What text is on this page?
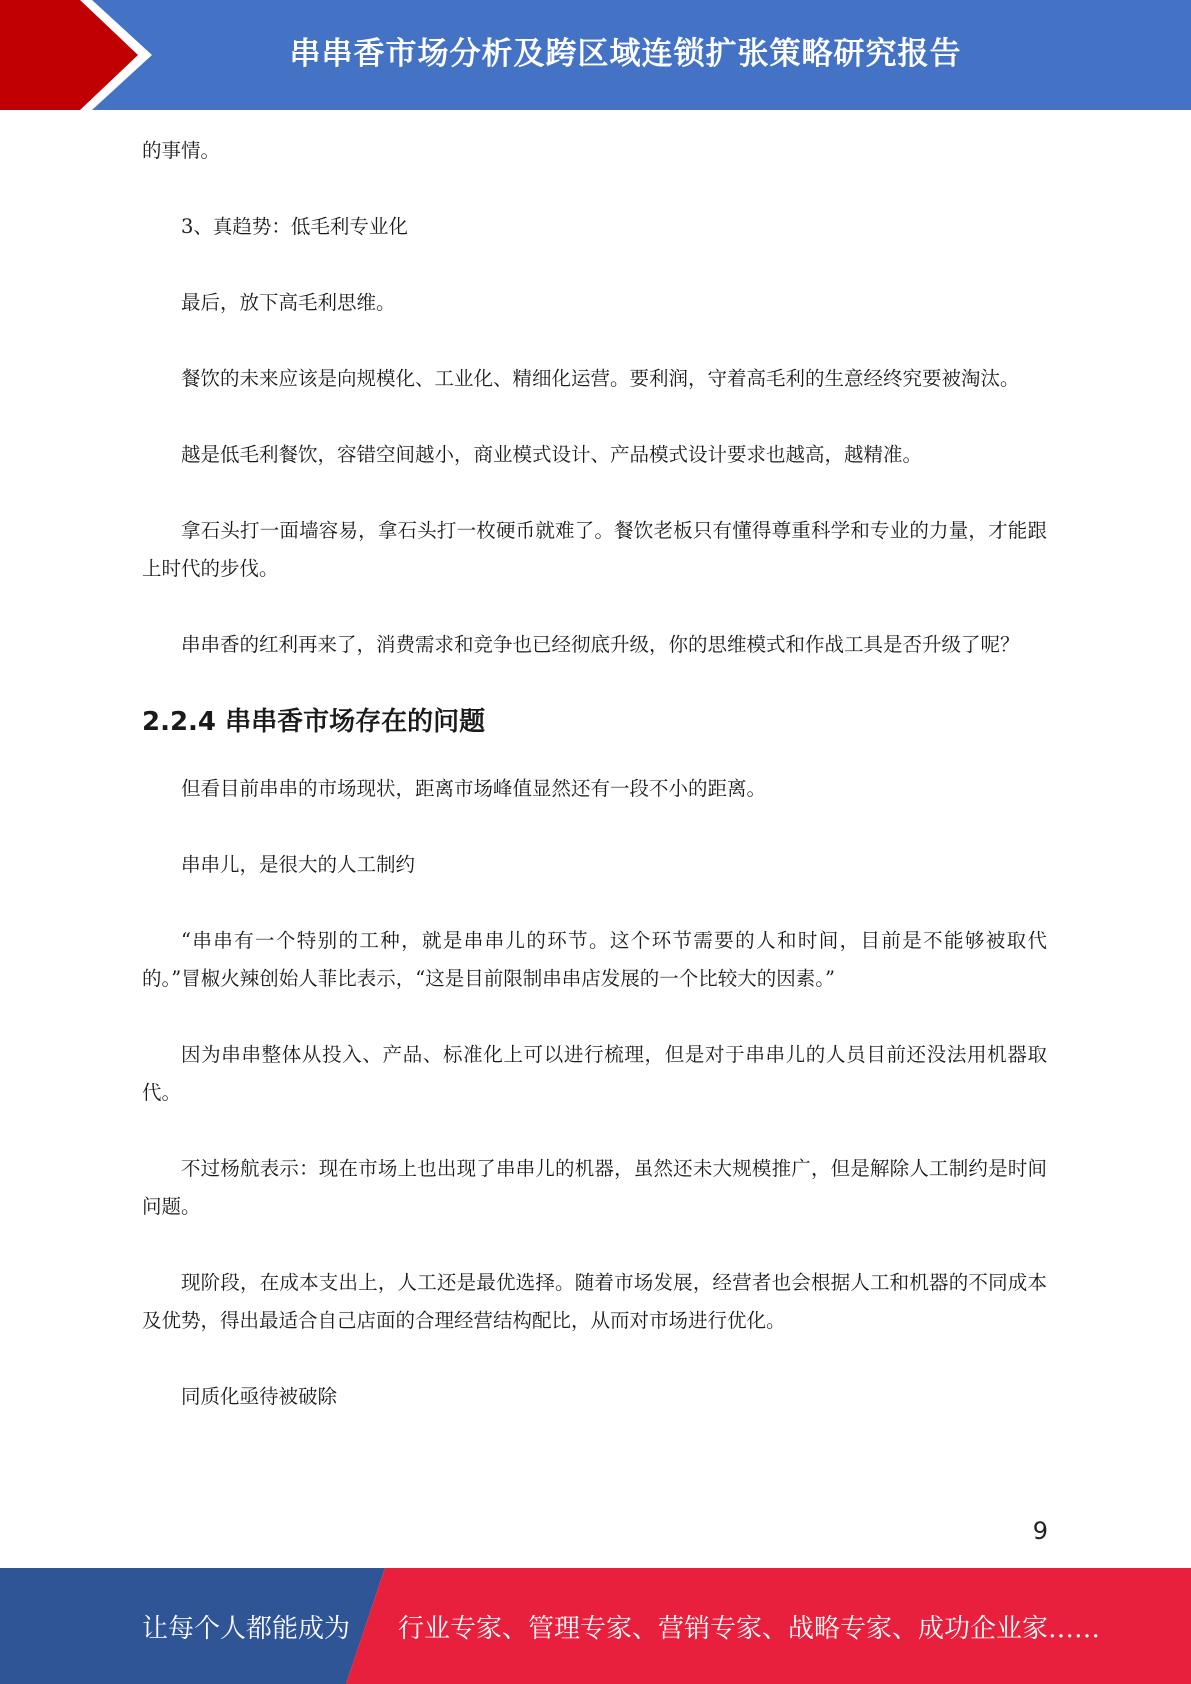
串串香市场分析及跨区域连锁扩张策略研究报告

的事情。

3、真趋势：低毛利专业化

最后，放下高毛利思维。

餐饮的未来应该是向规模化、工业化、精细化运营。要利润，守着高毛利的生意经终究要被淘汰。

越是低毛利餐饮，容错空间越小，商业模式设计、产品模式设计要求也越高，越精准。

拿石头打一面墙容易，拿石头打一枚硬币就难了。餐饮老板只有懂得尊重科学和专业的力量，才能跟上时代的步伐。

串串香的红利再来了，消费需求和竞争也已经彻底升级，你的思维模式和作战工具是否升级了呢？

2.2.4 串串香市场存在的问题

但看目前串串的市场现状，距离市场峰值显然还有一段不小的距离。

串串儿，是很大的人工制约

“串串有一个特别的工种，就是串串儿的环节。这个环节需要的人和时间，目前是不能够被取代的。”冒椒火辣创始人菲比表示，“这是目前限制串串店发展的一个比较大的因素。”

因为串串整体从投入、产品、标准化上可以进行梳理，但是对于串串儿的人员目前还没法用机器取代。

不过杨航表示：现在市场上也出现了串串儿的机器，虽然还未大规模推广，但是解除人工制约是时间问题。

现阶段，在成本支出上，人工还是最优选择。随着市场发展，经营者也会根据人工和机器的不同成本及优势，得出最适合自己店面的合理经营结构配比，从而对市场进行优化。

同质化亟待被破除

9
让每个人都能成为 行业专家、管理专家、营销专家、战略专家、成功企业家……
